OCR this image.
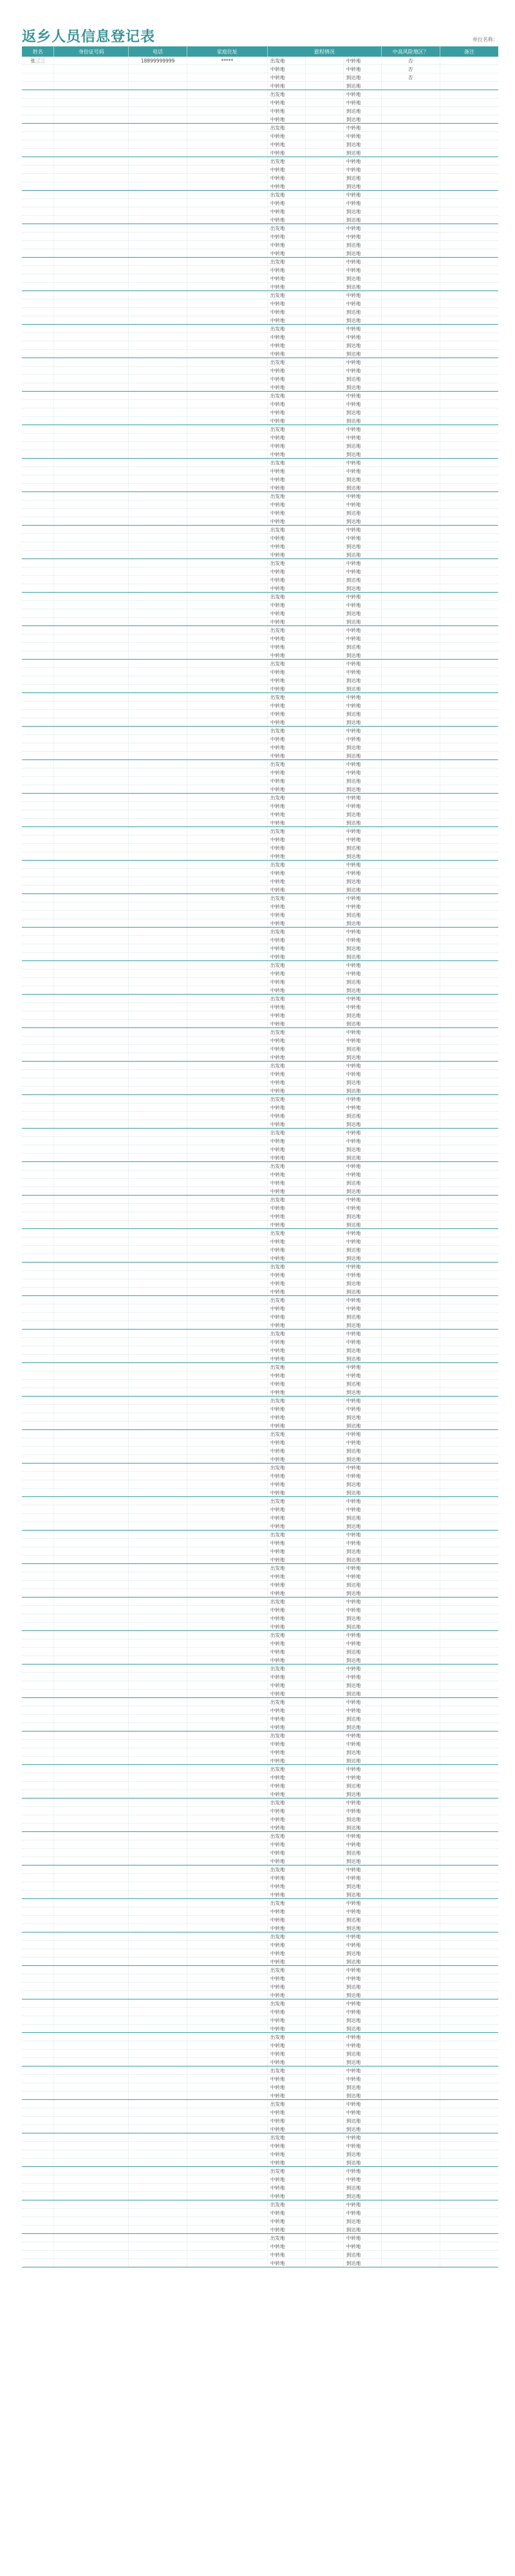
返乡人员信息登记表	单位名称：
姓名	身份证号码	电话	家庭住址	旅程情况			中高风险地区？	备注
张三三		18899999999	*****	出发地		中转地	否	
				中转地		中转地	否	
				中转地		到达地	否	
				中转地		到达地		
				出发地		中转地		
				中转地		中转地		
				中转地		到达地		
				中转地		到达地		
				出发地		中转地		
				中转地		中转地		
				中转地		到达地		
				中转地		到达地		
				出发地		中转地		
				中转地		中转地		
				中转地		到达地		
				中转地		到达地		
				出发地		中转地		
				中转地		中转地		
				中转地		到达地		
				中转地		到达地		
				出发地		中转地		
				中转地		中转地		
				中转地		到达地		
				中转地		到达地		
				出发地		中转地		
				中转地		中转地		
				中转地		到达地		
				中转地		到达地		
				出发地		中转地		
				中转地		中转地		
				中转地		到达地		
				中转地		到达地		
				出发地		中转地		
				中转地		中转地		
				中转地		到达地		
				中转地		到达地		
				出发地		中转地		
				中转地		中转地		
				中转地		到达地		
				中转地		到达地		
				出发地		中转地		
				中转地		中转地		
				中转地		到达地		
				中转地		到达地		
				出发地		中转地		
				中转地		中转地		
				中转地		到达地		
				中转地		到达地		
				出发地		中转地		
				中转地		中转地		
				中转地		到达地		
				中转地		到达地		
				出发地		中转地		
				中转地		中转地		
				中转地		到达地		
				中转地		到达地		
				出发地		中转地		
				中转地		中转地		
				中转地		到达地		
				中转地		到达地		
				出发地		中转地		
				中转地		中转地		
				中转地		到达地		
				中转地		到达地		
				出发地		中转地		
				中转地		中转地		
				中转地		到达地		
				中转地		到达地		
				出发地		中转地		
				中转地		中转地		
				中转地		到达地		
				中转地		到达地		
				出发地		中转地		
				中转地		中转地		
				中转地		到达地		
				中转地		到达地		
				出发地		中转地		
				中转地		中转地		
				中转地		到达地		
				中转地		到达地		
				出发地		中转地		
				中转地		中转地		
				中转地		到达地		
				中转地		到达地		
				出发地		中转地		
				中转地		中转地		
				中转地		到达地		
				中转地		到达地		
				出发地		中转地		
				中转地		中转地		
				中转地		到达地		
				中转地		到达地		
				出发地		中转地		
				中转地		中转地		
				中转地		到达地		
				中转地		到达地		
				出发地		中转地		
				中转地		中转地		
				中转地		到达地		
				中转地		到达地		
				出发地		中转地		
				中转地		中转地		
				中转地		到达地		
				中转地		到达地		
				出发地		中转地		
				中转地		中转地		
				中转地		到达地		
				中转地		到达地		
				出发地		中转地		
				中转地		中转地		
				中转地		到达地		
				中转地		到达地		
				出发地		中转地		
				中转地		中转地		
				中转地		到达地		
				中转地		到达地		
				出发地		中转地		
				中转地		中转地		
				中转地		到达地		
				中转地		到达地		
				出发地		中转地		
				中转地		中转地		
				中转地		到达地		
				中转地		到达地		
				出发地		中转地		
				中转地		中转地		
				中转地		到达地		
				中转地		到达地		
				出发地		中转地		
				中转地		中转地		
				中转地		到达地		
				中转地		到达地		
				出发地		中转地		
				中转地		中转地		
				中转地		到达地		
				中转地		到达地		
				出发地		中转地		
				中转地		中转地		
				中转地		到达地		
				中转地		到达地		
				出发地		中转地		
				中转地		中转地		
				中转地		到达地		
				中转地		到达地		
				出发地		中转地		
				中转地		中转地		
				中转地		到达地		
				中转地		到达地		
				出发地		中转地		
				中转地		中转地		
				中转地		到达地		
				中转地		到达地		
				出发地		中转地		
				中转地		中转地		
				中转地		到达地		
				中转地		到达地		
				出发地		中转地		
				中转地		中转地		
				中转地		到达地		
				中转地		到达地		
				出发地		中转地		
				中转地		中转地		
				中转地		到达地		
				中转地		到达地		
				出发地		中转地		
				中转地		中转地		
				中转地		到达地		
				中转地		到达地		
				出发地		中转地		
				中转地		中转地		
				中转地		到达地		
				中转地		到达地		
				出发地		中转地		
				中转地		中转地		
				中转地		到达地		
				中转地		到达地		
				出发地		中转地		
				中转地		中转地		
				中转地		到达地		
				中转地		到达地		
				出发地		中转地		
				中转地		中转地		
				中转地		到达地		
				中转地		到达地		
				出发地		中转地		
				中转地		中转地		
				中转地		到达地		
				中转地		到达地		
				出发地		中转地		
				中转地		中转地		
				中转地		到达地		
				中转地		到达地		
				出发地		中转地		
				中转地		中转地		
				中转地		到达地		
				中转地		到达地		
				出发地		中转地		
				中转地		中转地		
				中转地		到达地		
				中转地		到达地		
				出发地		中转地		
				中转地		中转地		
				中转地		到达地		
				中转地		到达地		
				出发地		中转地		
				中转地		中转地		
				中转地		到达地		
				中转地		到达地		
				出发地		中转地		
				中转地		中转地		
				中转地		到达地		
				中转地		到达地		
				出发地		中转地		
				中转地		中转地		
				中转地		到达地		
				中转地		到达地		
				出发地		中转地		
				中转地		中转地		
				中转地		到达地		
				中转地		到达地		
				出发地		中转地		
				中转地		中转地		
				中转地		到达地		
				中转地		到达地		
				出发地		中转地		
				中转地		中转地		
				中转地		到达地		
				中转地		到达地		
				出发地		中转地		
				中转地		中转地		
				中转地		到达地		
				中转地		到达地		
				出发地		中转地		
				中转地		中转地		
				中转地		到达地		
				中转地		到达地		
				出发地		中转地		
				中转地		中转地		
				中转地		到达地		
				中转地		到达地		
				出发地		中转地		
				中转地		中转地		
				中转地		到达地		
				中转地		到达地		
				出发地		中转地		
				中转地		中转地		
				中转地		到达地		
				中转地		到达地		
				出发地		中转地		
				中转地		中转地		
				中转地		到达地		
				中转地		到达地		
				出发地		中转地		
				中转地		中转地		
				中转地		到达地		
				中转地		到达地		
				出发地		中转地		
				中转地		中转地		
				中转地		到达地		
				中转地		到达地		
				出发地		中转地		
				中转地		中转地		
				中转地		到达地		
				中转地		到达地		
